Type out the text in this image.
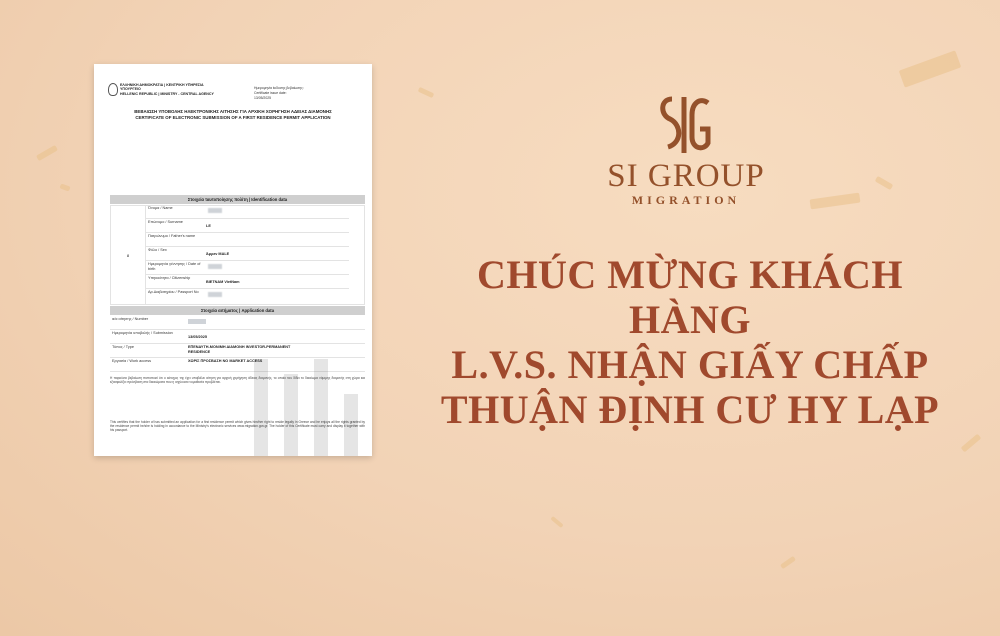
ΕΛΛΗΝΙΚΗ ΔΗΜΟΚΡΑΤΙΑ | ΚΕΝΤΡΙΚΗ ΥΠΗΡΕΣΙΑ
ΥΠΟΥΡΓΕΙΟ
HELLENIC REPUBLIC | MINISTRY - CENTRAL AGENCY
Ημερομηνία έκδοσης βεβαίωσης:
Certificate issue date:
13/05/2025
ΒΕΒΑΙΩΣΗ ΥΠΟΒΟΛΗΣ ΗΛΕΚΤΡΟΝΙΚΗΣ ΑΙΤΗΣΗΣ ΓΙΑ ΑΡΧΙΚΗ ΧΟΡΗΓΗΣΗ ΑΔΕΙΑΣ ΔΙΑΜΟΝΗΣ
CERTIFICATE OF ELECTRONIC SUBMISSION OF A FIRST RESIDENCE PERMIT APPLICATION
Στοιχεία ταυτοποίησης πολίτη | Identification data
8
Όνομα / Name
Επώνυμο / Surname
LE
Πατρώνυμο / Father's name
Φύλο / Sex
Άρρεν MALE
Ημερομηνία γέννησης / Date of birth
Υπηκοότητα / Citizenship
ΒΙΕΤΝΑΜ VietNam
Αρ.Διαβατηρίου / Passport No
Στοιχεία αιτήματος | Application data
α/α αίτησης / Number
Ημερομηνία υποβολής / Submission
13/05/2025
Τύπος / Type	ΕΠΕΝΔΥΤΗ-ΜΟΝΙΜΗ ΔΙΑΜΟΝΗ INVESTOR-PERMANENT RESIDENCE
Εργασία / Work access	ΧΩΡΙΣ ΠΡΟΣΒΑΣΗ NO MARKET ACCESS
Η παρούσα βεβαίωση πιστοποιεί ότι ο κάτοχος της έχει υποβάλει αίτηση για αρχική χορήγηση άδειας διαμονής, το οποίο του δίδει το δικαίωμα νόμιμης διαμονής στη χώρα και εξασφαλίζει πρόσβαση στα δικαιώματα που η ισχύουσα νομοθεσία προβλέπει.
This certifies that the holder of has submitted an application for a first residence permit which gives him/her right to reside legally in Greece and he enjoys all the rights granted by the residence permit he/she is holding in accordance to the Ministry's electronic services www.migration.gov.gr. The holder of this Certificate must carry and display it together with his passport.
SI GROUP
MIGRATION
CHÚC MỪNG KHÁCH HÀNG
L.V.S. NHẬN GIẤY CHẤP
THUẬN ĐỊNH CƯ HY LẠP
